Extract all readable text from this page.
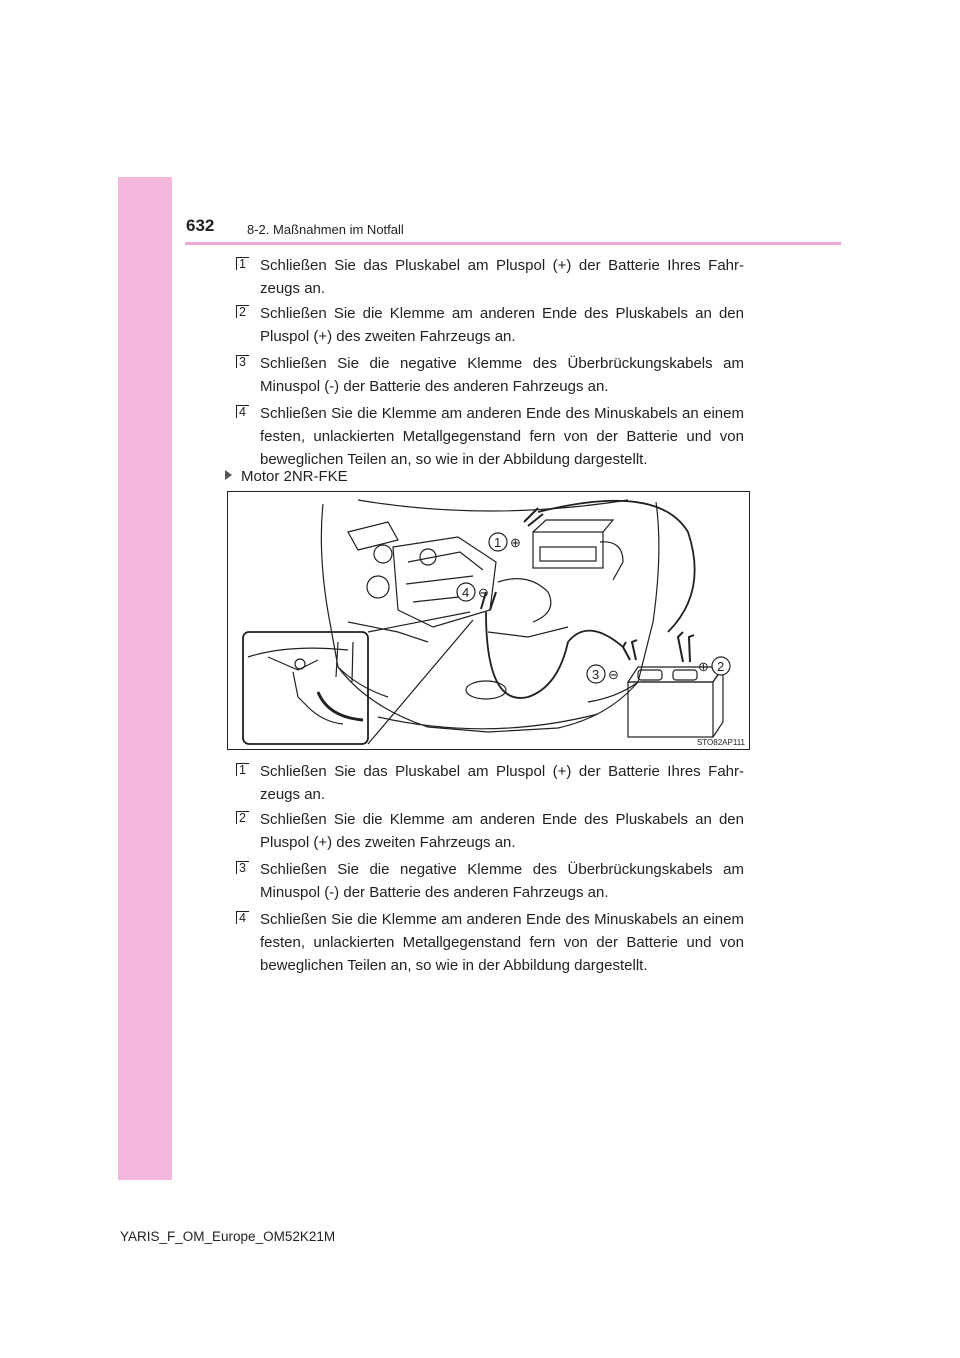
632	8-2. Maßnahmen im Notfall
1 Schließen Sie das Pluskabel am Pluspol (+) der Batterie Ihres Fahr- zeugs an.
2 Schließen Sie die Klemme am anderen Ende des Pluskabels an den Pluspol (+) des zweiten Fahrzeugs an.
3 Schließen Sie die negative Klemme des Überbrückungskabels am Minuspol (-) der Batterie des anderen Fahrzeugs an.
4 Schließen Sie die Klemme am anderen Ende des Minuskabels an einem festen, unlackierten Metallgegenstand fern von der Batterie und von beweglichen Teilen an, so wie in der Abbildung dargestellt.
Motor 2NR-FKE
1 ⊕
4 ⊖
3 ⊖
2
⊕
STO82AP111
1 Schließen Sie das Pluskabel am Pluspol (+) der Batterie Ihres Fahr- zeugs an.
2 Schließen Sie die Klemme am anderen Ende des Pluskabels an den Pluspol (+) des zweiten Fahrzeugs an.
3 Schließen Sie die negative Klemme des Überbrückungskabels am Minuspol (-) der Batterie des anderen Fahrzeugs an.
4 Schließen Sie die Klemme am anderen Ende des Minuskabels an einem festen, unlackierten Metallgegenstand fern von der Batterie und von beweglichen Teilen an, so wie in der Abbildung dargestellt.
YARIS_F_OM_Europe_OM52K21M
